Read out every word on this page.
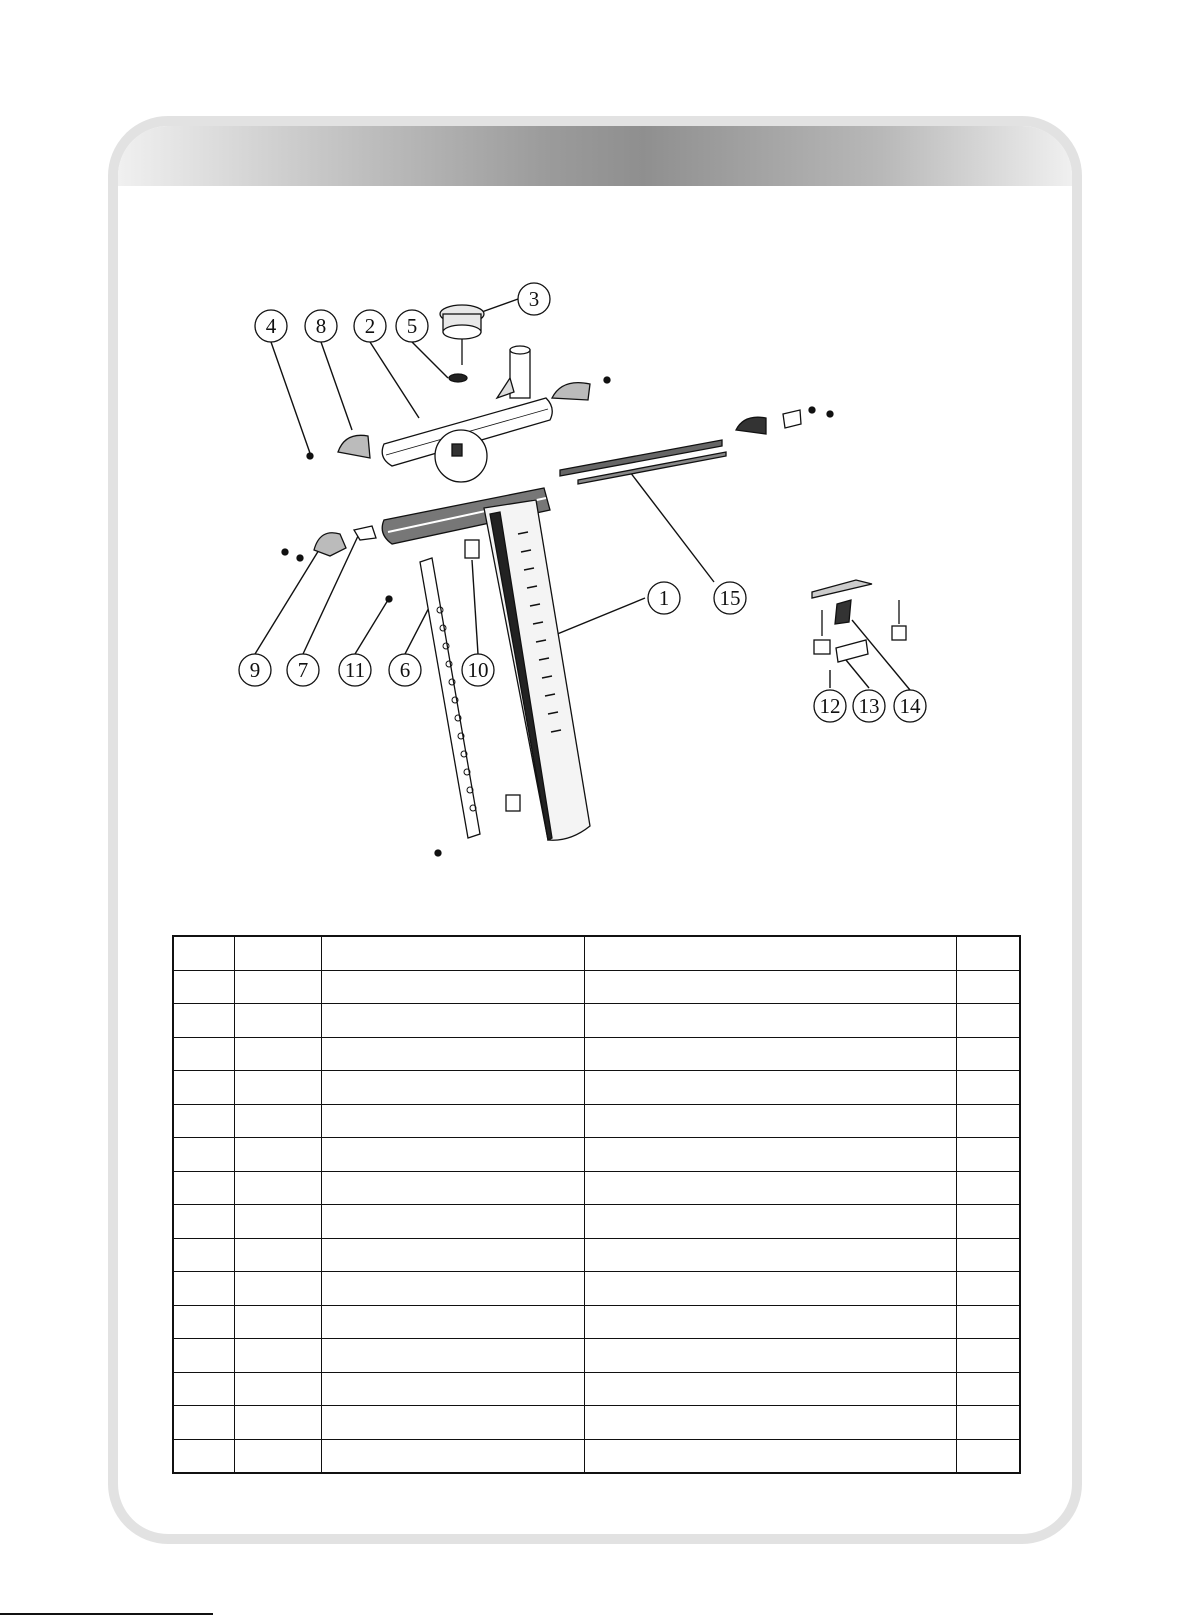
1
2
3
4	5
6
7
8
9	10
11
12 13 14
15
